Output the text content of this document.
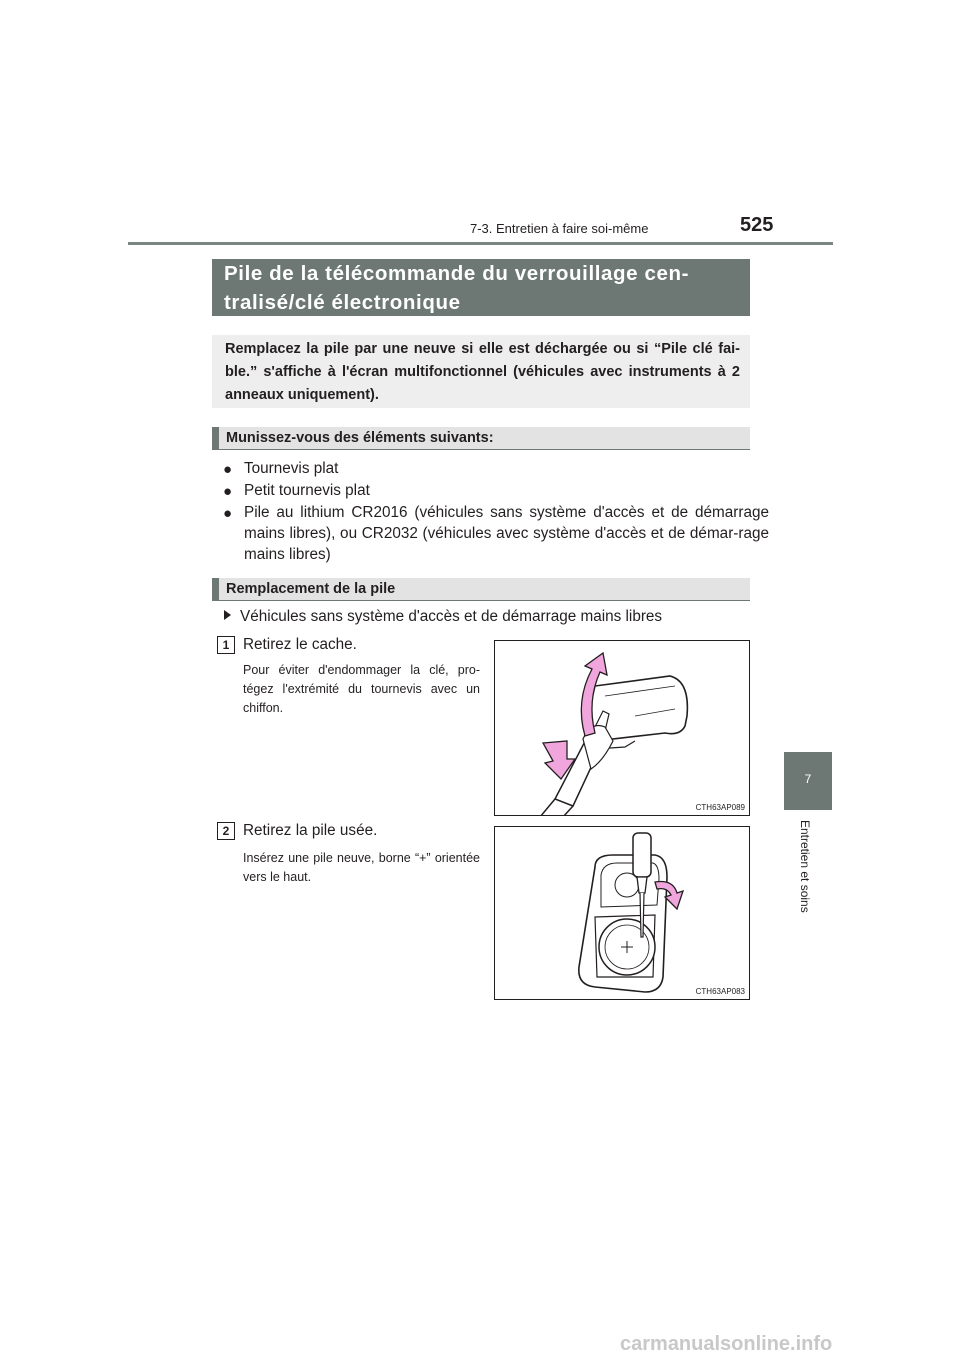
7-3. Entretien à faire soi-même	525
7
Entretien et soins
Pile de la télécommande du verrouillage cen-
tralisé/clé électronique
Remplacez la pile par une neuve si elle est déchargée ou si “Pile clé fai-ble.” s'affiche à l'écran multifonctionnel (véhicules avec instruments à 2 anneaux uniquement).
Munissez-vous des éléments suivants:
● Tournevis plat
● Petit tournevis plat
● Pile au lithium CR2016 (véhicules sans système d'accès et de démarrage mains libres), ou CR2032 (véhicules avec système d'accès et de démar-rage mains libres)
Remplacement de la pile
Véhicules sans système d'accès et de démarrage mains libres
1 Retirez le cache.
Pour éviter d'endommager la clé, pro-tégez l'extrémité du tournevis avec un chiffon.
CTH63AP089
2 Retirez la pile usée.
Insérez une pile neuve, borne “+” orientée vers le haut.
CTH63AP083
carmanualsonline.info
